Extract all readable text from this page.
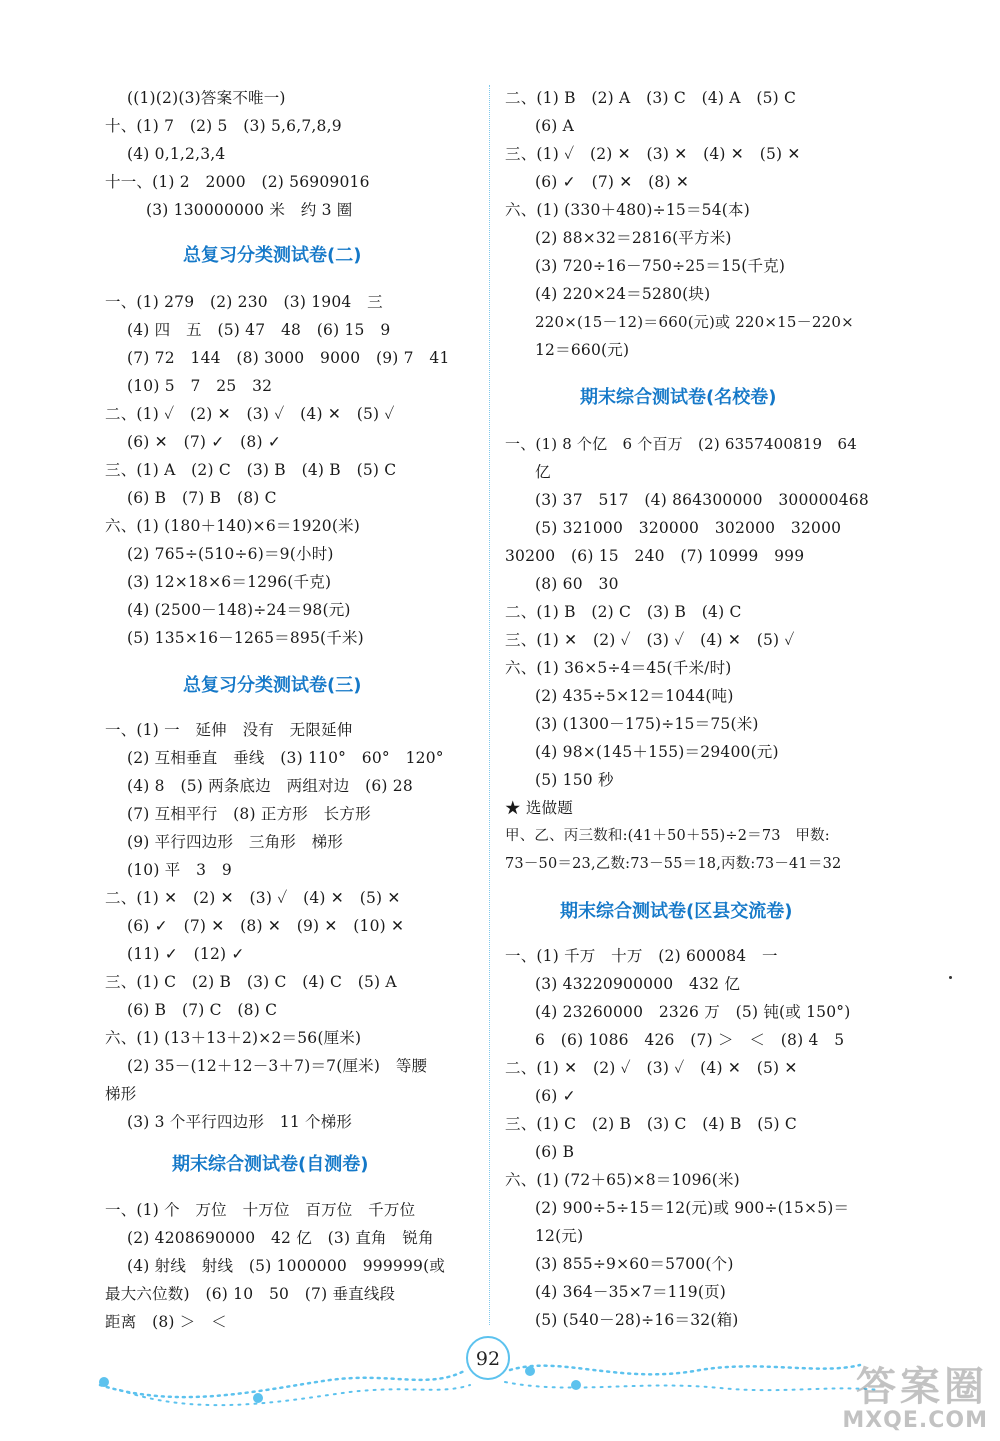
((1)(2)(3)答案不唯一)
十、(1) 7　(2) 5　(3) 5,6,7,8,9
(4) 0,1,2,3,4
十一、(1) 2　2000　(2) 56909016
(3) 130000000 米　约 3 圈
总复习分类测试卷(二)
一、(1) 279　(2) 230　(3) 1904　三
(4) 四　五　(5) 47　48　(6) 15　9
(7) 72　144　(8) 3000　9000　(9) 7　41
(10) 5　7　25　32
二、(1) ✓　(2) ✕　(3) ✓　(4) ✕　(5) ✓
(6) ✕　(7) ✓　(8) ✓
三、(1) A　(2) C　(3) B　(4) B　(5) C
(6) B　(7) B　(8) C
六、(1) (180＋140)×6＝1920(米)
(2) 765÷(510÷6)＝9(小时)
(3) 12×18×6＝1296(千克)
(4) (2500－148)÷24＝98(元)
(5) 135×16－1265＝895(千米)
总复习分类测试卷(三)
一、(1) 一　延伸　没有　无限延伸
(2) 互相垂直　垂线　(3) 110°　60°　120°
(4) 8　(5) 两条底边　两组对边　(6) 28
(7) 互相平行　(8) 正方形　长方形
(9) 平行四边形　三角形　梯形
(10) 平　3　9
二、(1) ✕　(2) ✕　(3) ✓　(4) ✕　(5) ✕
(6) ✓　(7) ✕　(8) ✕　(9) ✕　(10) ✕
(11) ✓　(12) ✓
三、(1) C　(2) B　(3) C　(4) C　(5) A
(6) B　(7) C　(8) C
六、(1) (13＋13＋2)×2＝56(厘米)
(2) 35－(12＋12－3＋7)＝7(厘米)　等腰
梯形
(3) 3 个平行四边形　11 个梯形
期末综合测试卷(自测卷)
一、(1) 个　万位　十万位　百万位　千万位
(2) 4208690000　42 亿　(3) 直角　锐角
(4) 射线　射线　(5) 1000000　999999(或
最大六位数)　(6) 10　50　(7) 垂直线段
距离　(8) ＞　＜
二、(1) B　(2) A　(3) C　(4) A　(5) C
(6) A
三、(1) ✓　(2) ✕　(3) ✕　(4) ✕　(5) ✕
(6) ✓　(7) ✕　(8) ✕
六、(1) (330＋480)÷15＝54(本)
(2) 88×32＝2816(平方米)
(3) 720÷16－750÷25＝15(千克)
(4) 220×24＝5280(块)
220×(15－12)＝660(元)或 220×15－220×
12＝660(元)
期末综合测试卷(名校卷)
一、(1) 8 个亿　6 个百万　(2) 6357400819　64
亿
(3) 37　517　(4) 864300000　300000468
(5) 321000　320000　302000　32000
30200　(6) 15　240　(7) 10999　999
(8) 60　30
二、(1) B　(2) C　(3) B　(4) C
三、(1) ✕　(2) ✓　(3) ✓　(4) ✕　(5) ✓
六、(1) 36×5÷4＝45(千米/时)
(2) 435÷5×12＝1044(吨)
(3) (1300－175)÷15＝75(米)
(4) 98×(145＋155)＝29400(元)
(5) 150 秒
★ 选做题
甲、乙、丙三数和:(41＋50＋55)÷2＝73　甲数:
73－50＝23,乙数:73－55＝18,丙数:73－41＝32
期末综合测试卷(区县交流卷)
一、(1) 千万　十万　(2) 600084　一
(3) 43220900000　432 亿
(4) 23260000　2326 万　(5) 钝(或 150°)
6　(6) 1086　426　(7) ＞　＜　(8) 4　5
二、(1) ✕　(2) ✓　(3) ✓　(4) ✕　(5) ✕
(6) ✓
三、(1) C　(2) B　(3) C　(4) B　(5) C
(6) B
六、(1) (72＋65)×8＝1096(米)
(2) 900÷5÷15＝12(元)或 900÷(15×5)＝
12(元)
(3) 855÷9×60＝5700(个)
(4) 364－35×7＝119(页)
(5) (540－28)÷16＝32(箱)
92
答案圈
MXQE.COM
